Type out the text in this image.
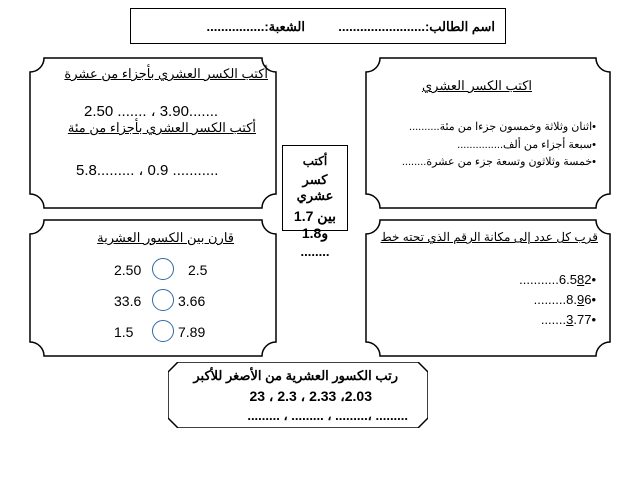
اسم الطالب:........................
الشعبة:................
أكتب الكسر العشري بأجزاء من عشرة
2.50 ....... ، 3.90.......
أكتب الكسر العشري بأجزاء من مئة
5.8......... ، 0.9 ...........
اكتب الكسر العشري
•اثنان وثلاثة وخمسون جزءا من مئة..........
•سبعة أجزاء من ألف...............
•خمسة وثلاثون وتسعة جزء من عشرة........
قارن بين الكسور العشرية
2.50	2.5
33.6	3.66
1.5	7.89
قرب كل عدد إلى مكانة الرقم الذي تحته خط
...........6.582•
.........8.96•
.......3.77•
أكتب
كسر عشري
بين 1.7 و1.8
........
رتب الكسور العشرية من الأصغر للأكبر
23 ، 2.3 ، 2.33 ،2.03
......... ، ......... ، .........، .........
